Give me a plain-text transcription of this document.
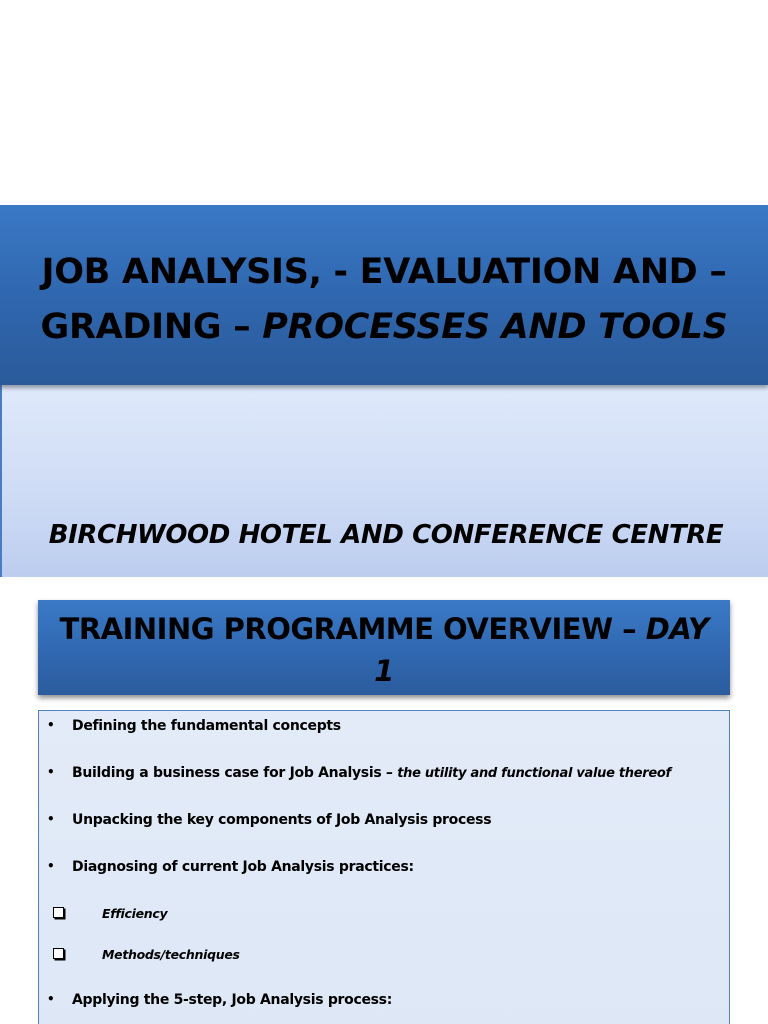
JOB ANALYSIS, - EVALUATION AND –
GRADING – PROCESSES AND TOOLS
BIRCHWOOD HOTEL AND CONFERENCE CENTRE
TRAINING PROGRAMME OVERVIEW – DAY
1
• Defining the fundamental concepts
• Building a business case for Job Analysis – the utility and functional value thereof
• Unpacking the key components of Job Analysis process
• Diagnosing of current Job Analysis practices:
Efficiency
Methods/techniques
• Applying the 5-step, Job Analysis process:
